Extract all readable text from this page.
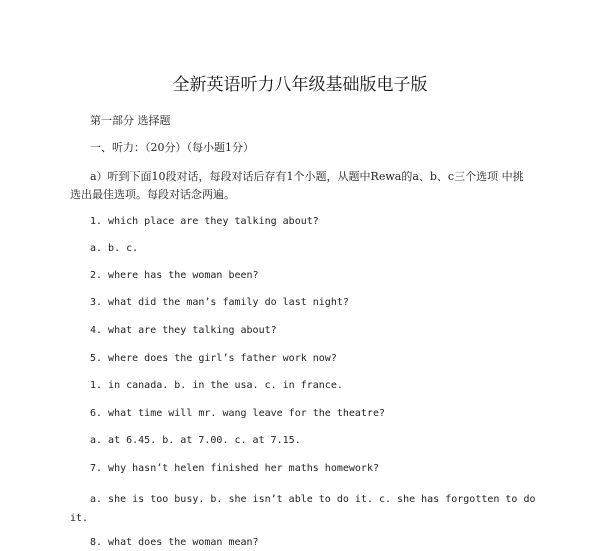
全新英语听力八年级基础版电子版
第一部分 选择题
一、听力：（20分）（每小题1分）
a）听到下面10段对话，每段对话后存有1个小题，从题中Rewa的a、b、c三个选项 中挑选出最佳选项。每段对话念两遍。
1. which place are they talking about?
a. b. c.
2. where has the woman been?
3. what did the man’s family do last night?
4. what are they talking about?
5. where does the girl’s father work now?
1. in canada. b. in the usa. c. in france.
6. what time will mr. wang leave for the theatre?
a. at 6.45. b. at 7.00. c. at 7.15.
7. why hasn’t helen finished her maths homework?
a. she is too busy. b. she isn’t able to do it. c. she has forgotten to do it.
8. what does the woman mean?
